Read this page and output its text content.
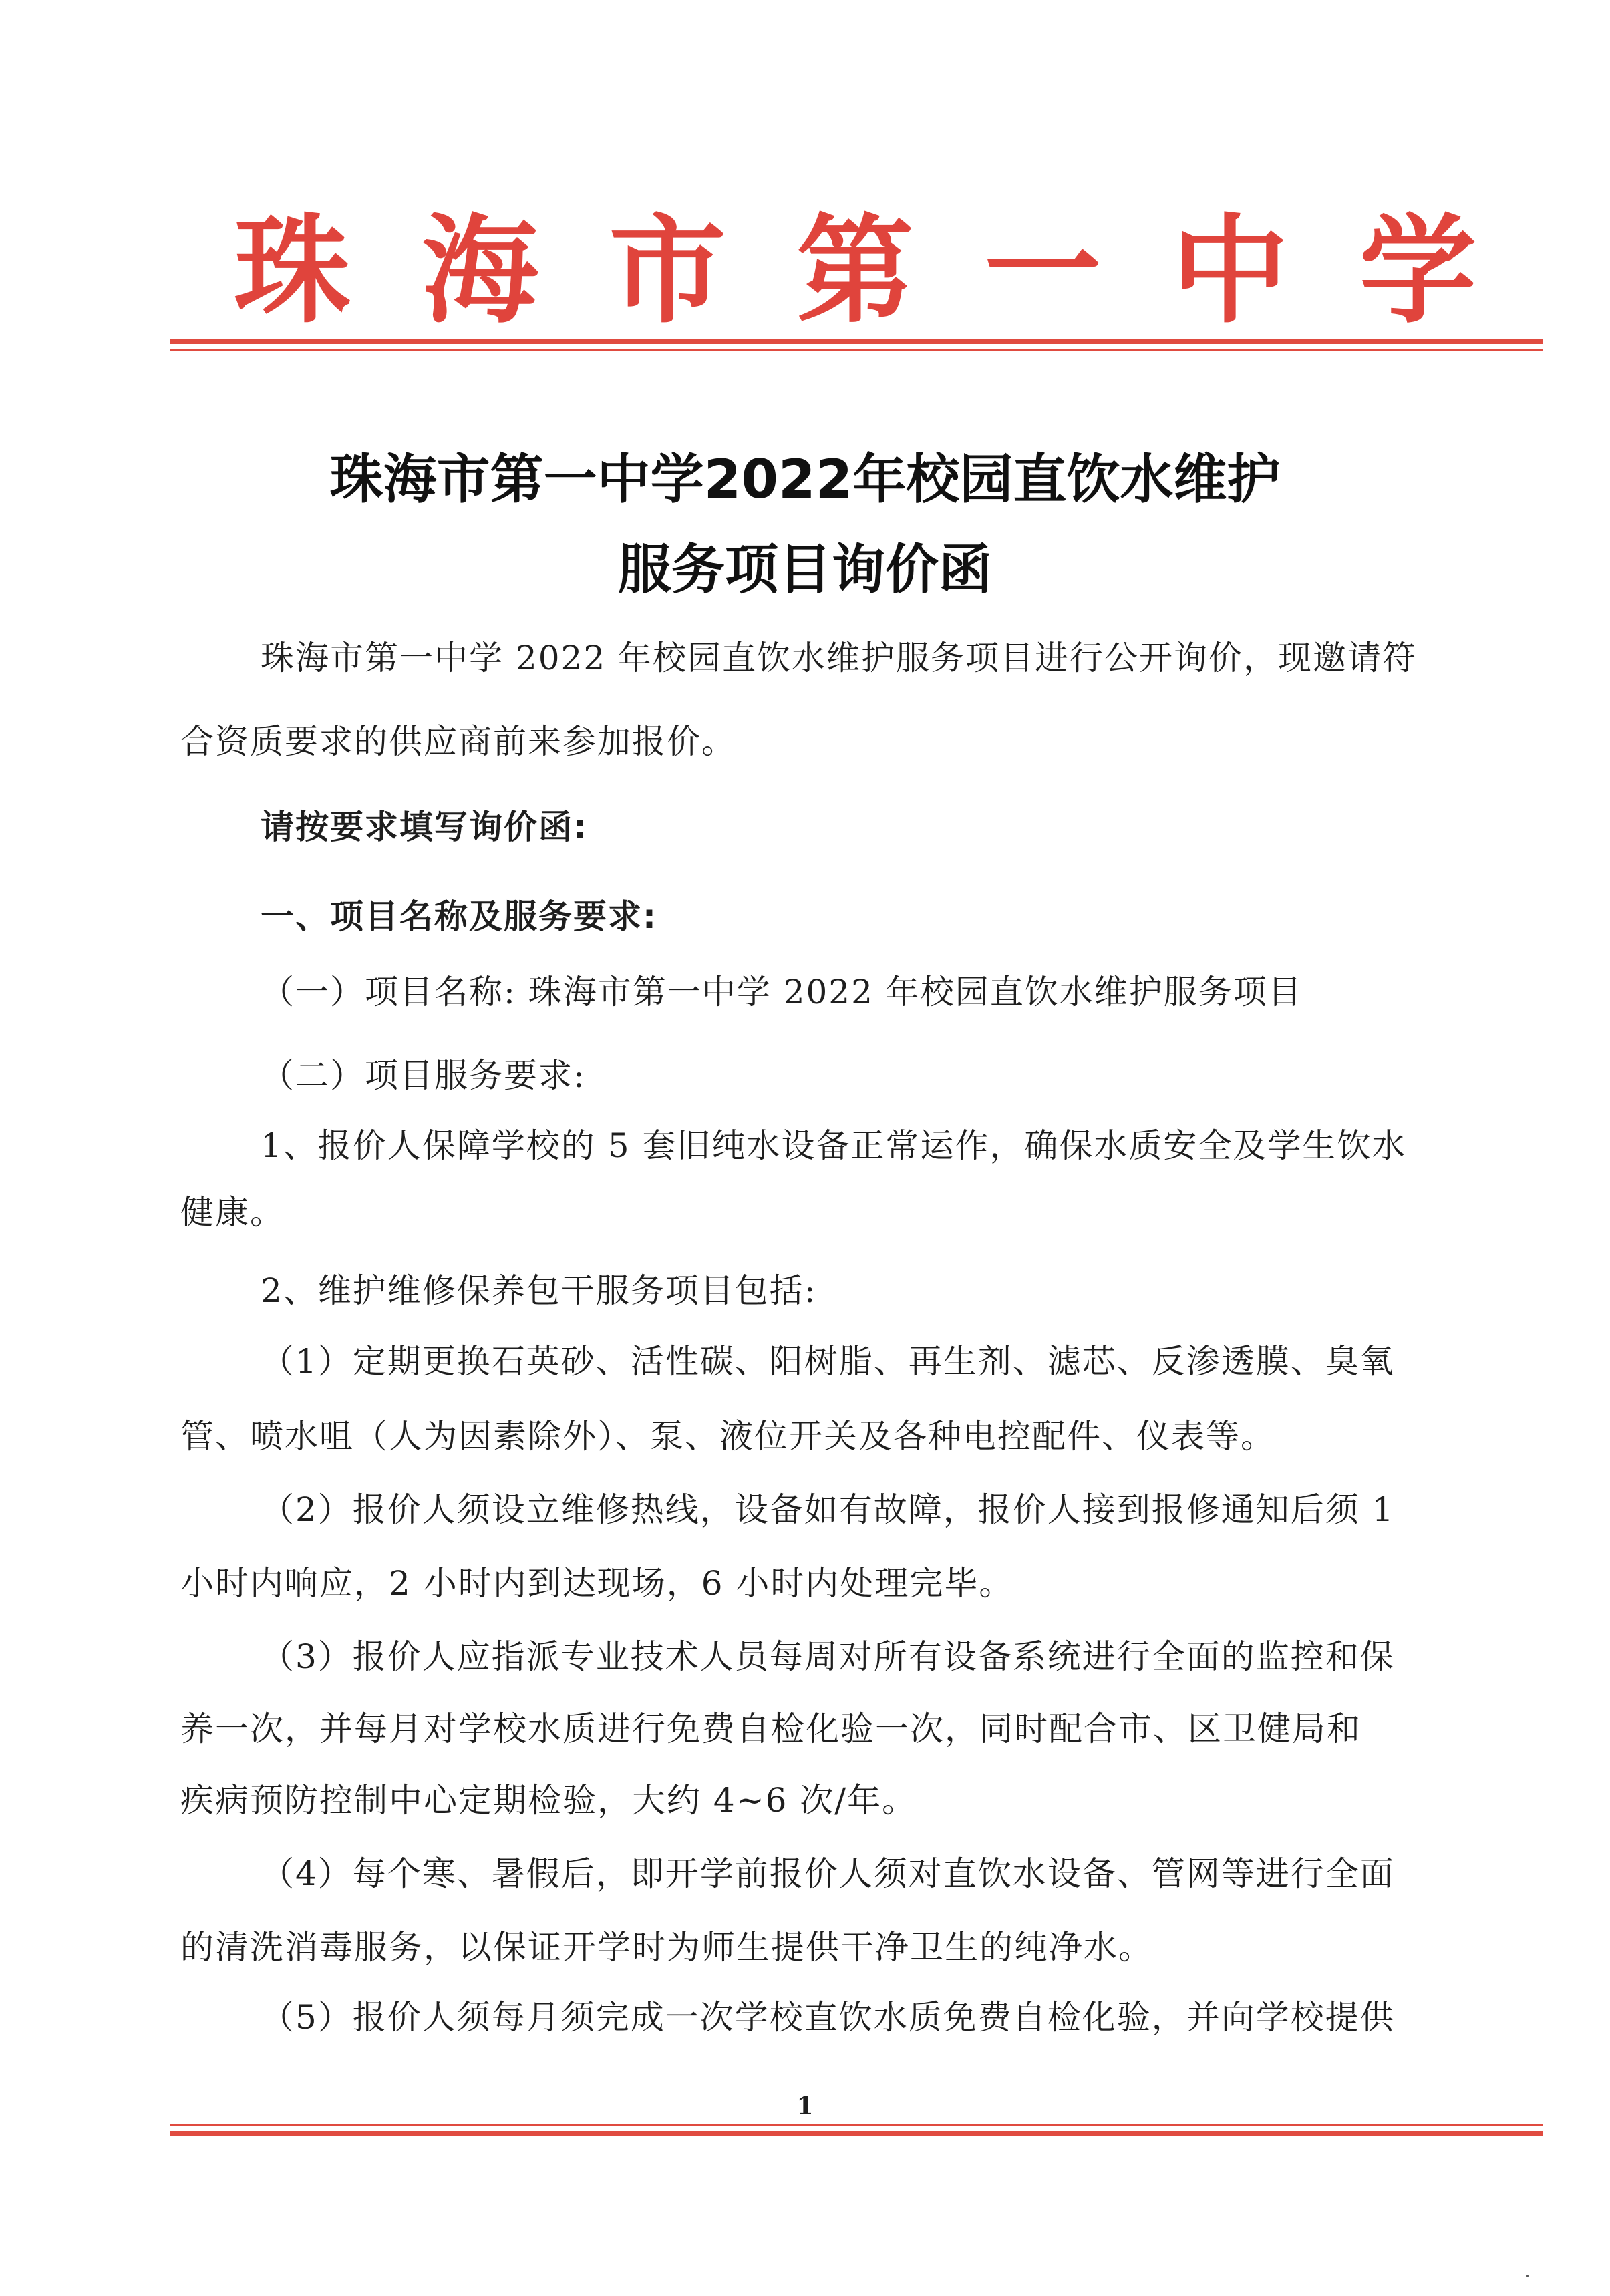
珠 海 市 第 一 中 学
珠海市第一中学2022年校园直饮水维护
服务项目询价函
珠海市第一中学 2022 年校园直饮水维护服务项目进行公开询价，现邀请符
合资质要求的供应商前来参加报价。
请按要求填写询价函:
一、项目名称及服务要求:
（一）项目名称: 珠海市第一中学 2022 年校园直饮水维护服务项目
（二）项目服务要求:
1、报价人保障学校的 5 套旧纯水设备正常运作，确保水质安全及学生饮水
健康。
2、维护维修保养包干服务项目包括:
（1）定期更换石英砂、活性碳、阳树脂、再生剂、滤芯、反渗透膜、臭氧
管、喷水咀（人为因素除外）、泵、液位开关及各种电控配件、仪表等。
（2）报价人须设立维修热线，设备如有故障，报价人接到报修通知后须 1
小时内响应，2 小时内到达现场，6 小时内处理完毕。
（3）报价人应指派专业技术人员每周对所有设备系统进行全面的监控和保
养一次，并每月对学校水质进行免费自检化验一次，同时配合市、区卫健局和
疾病预防控制中心定期检验，大约 4~6 次/年。
（4）每个寒、暑假后，即开学前报价人须对直饮水设备、管网等进行全面
的清洗消毒服务，以保证开学时为师生提供干净卫生的纯净水。
（5）报价人须每月须完成一次学校直饮水质免费自检化验，并向学校提供
1
